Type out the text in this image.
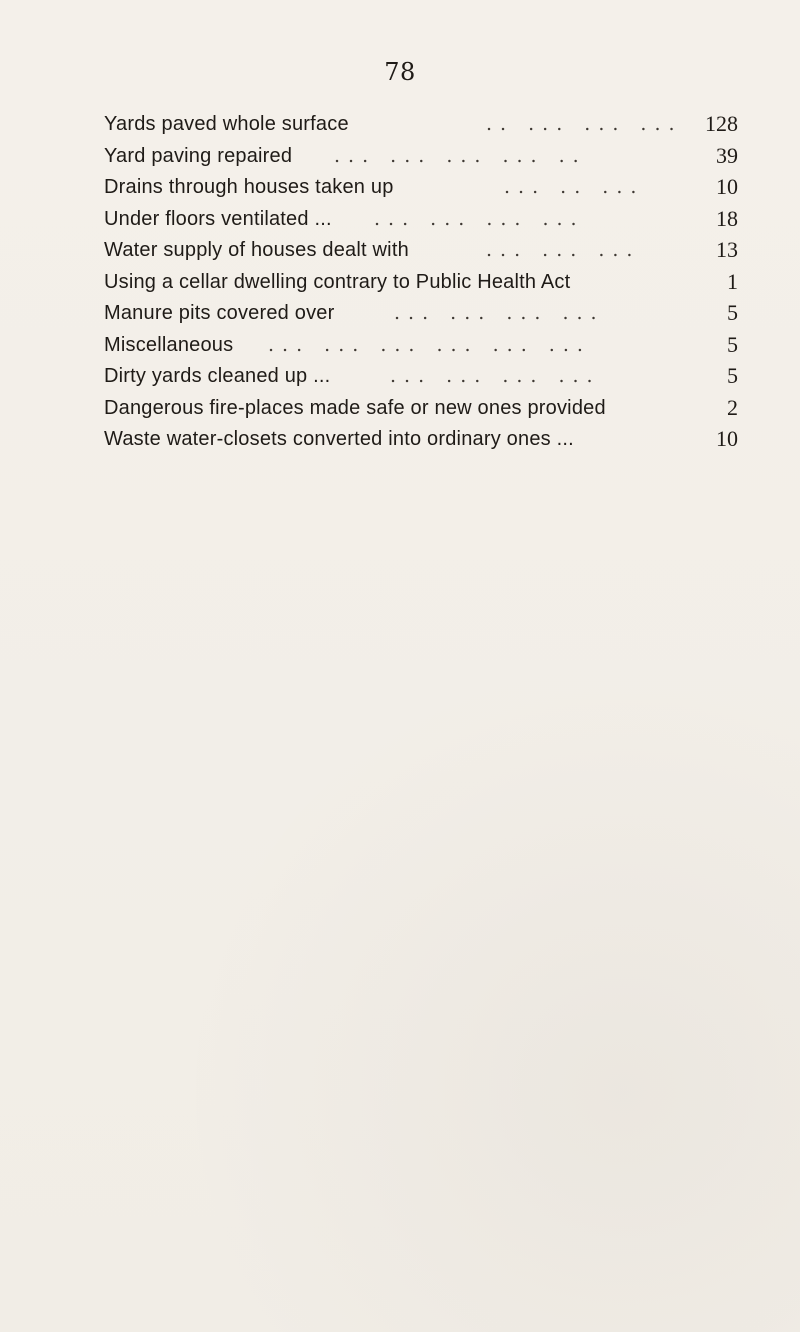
78
Yards paved whole surface	.. ... ... ...	128
Yard paving repaired ... ... ... ... ..	39
Drains through houses taken up	... .. ...	10
Under floors ventilated ... ... ... ... ...	18
Water supply of houses dealt with	... ... ...	13
Using a cellar dwelling contrary to Public Health Act	1
Manure pits covered over	... ... ... ...	5
Miscellaneous ... ... ... ... ... ...	5
Dirty yards cleaned up ...	... ... ... ...	5
Dangerous fire-places made safe or new ones provided	2
Waste water-closets converted into ordinary ones ...	10
